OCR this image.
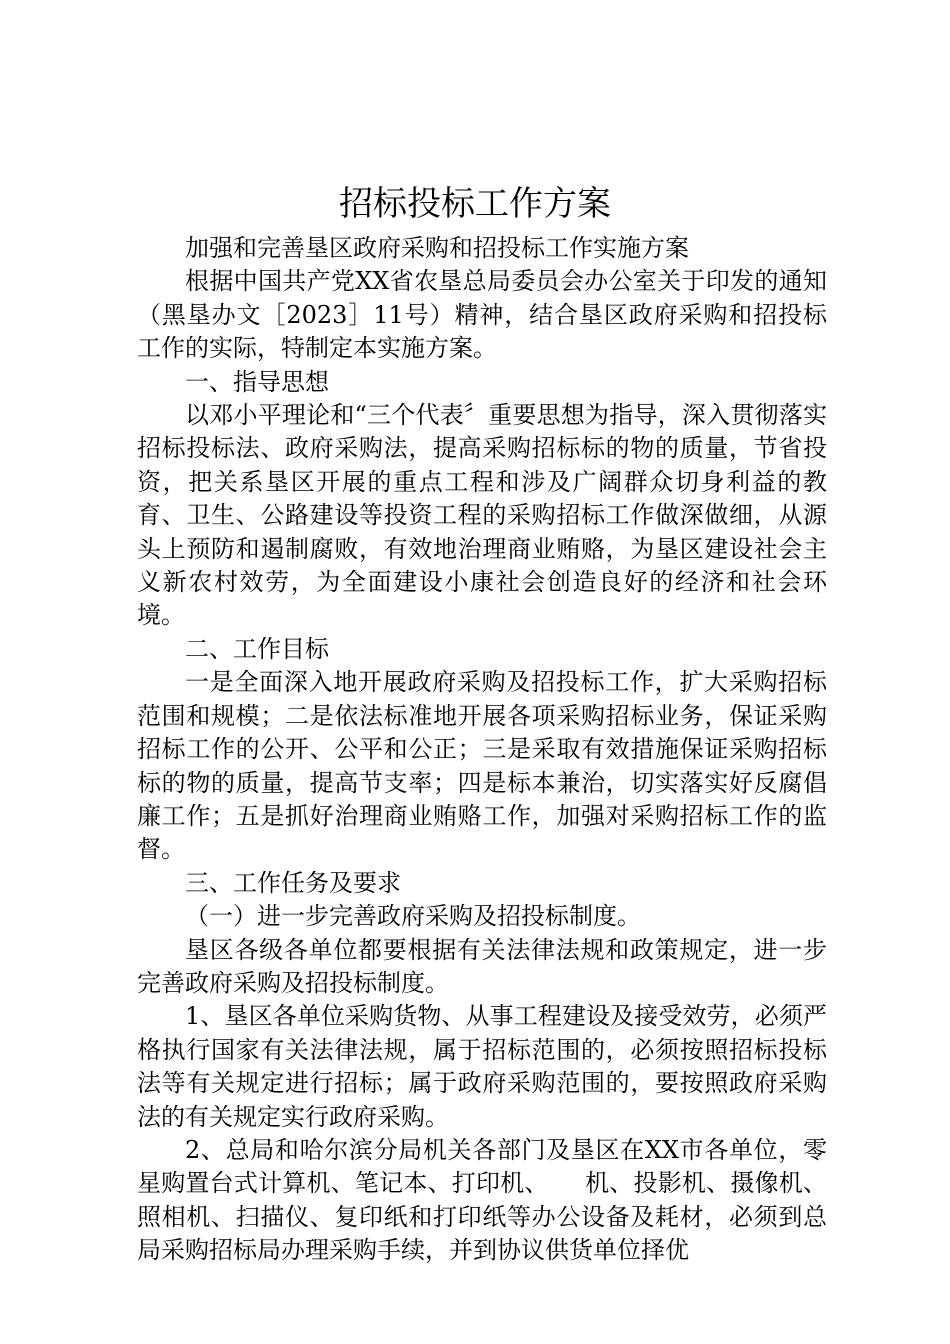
招标投标工作方案

加强和完善垦区政府采购和招投标工作实施方案

根据中国共产党XX省农垦总局委员会办公室关于印发的通知（黑垦办文［2023］11号）精神，结合垦区政府采购和招投标工作的实际，特制定本实施方案。

一、指导思想

以邓小平理论和“三个代表〞重要思想为指导，深入贯彻落实招标投标法、政府采购法，提高采购招标标的物的质量，节省投资，把关系垦区开展的重点工程和涉及广阔群众切身利益的教育、卫生、公路建设等投资工程的采购招标工作做深做细，从源头上预防和遏制腐败，有效地治理商业贿赂，为垦区建设社会主义新农村效劳，为全面建设小康社会创造良好的经济和社会环境。

二、工作目标

一是全面深入地开展政府采购及招投标工作，扩大采购招标范围和规模；二是依法标准地开展各项采购招标业务，保证采购招标工作的公开、公平和公正；三是采取有效措施保证采购招标标的物的质量，提高节支率；四是标本兼治，切实落实好反腐倡廉工作；五是抓好治理商业贿赂工作，加强对采购招标工作的监督。

三、工作任务及要求

（一）进一步完善政府采购及招投标制度。

垦区各级各单位都要根据有关法律法规和政策规定，进一步完善政府采购及招投标制度。

1、垦区各单位采购货物、从事工程建设及接受效劳，必须严格执行国家有关法律法规，属于招标范围的，必须按照招标投标法等有关规定进行招标；属于政府采购范围的，要按照政府采购法的有关规定实行政府采购。

2、总局和哈尔滨分局机关各部门及垦区在XX市各单位，零星购置台式计算机、笔记本、打印机、　　机、投影机、摄像机、照相机、扫描仪、复印纸和打印纸等办公设备及耗材，必须到总局采购招标局办理采购手续，并到协议供货单位择优
